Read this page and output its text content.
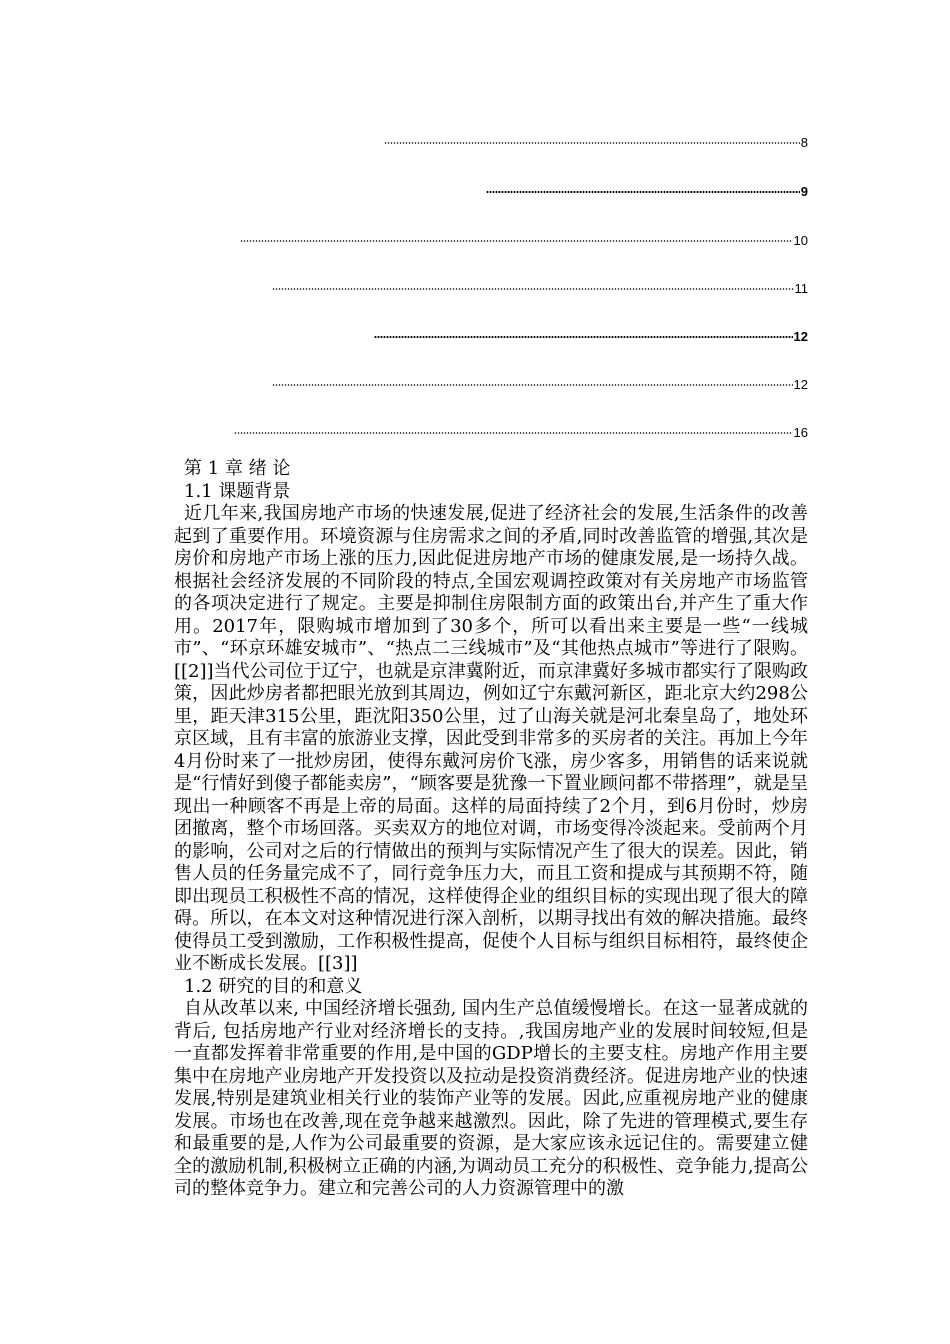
8
9
10
11
12
12
16

第 1 章 绪 论

1.1 课题背景

近几年来,我国房地产市场的快速发展,促进了经济社会的发展,生活条件的改善起到了重要作用。环境资源与住房需求之间的矛盾,同时改善监管的增强,其次是房价和房地产市场上涨的压力,因此促进房地产市场的健康发展,是一场持久战。根据社会经济发展的不同阶段的特点,全国宏观调控政策对有关房地产市场监管的各项决定进行了规定。主要是抑制住房限制方面的政策出台,并产生了重大作用。2017年，限购城市增加到了30多个，所可以看出来主要是一些“一线城市”、“环京环雄安城市”、“热点二三线城市”及“其他热点城市”等进行了限购。[[2]]当代公司位于辽宁，也就是京津冀附近，而京津冀好多城市都实行了限购政策，因此炒房者都把眼光放到其周边，例如辽宁东戴河新区，距北京大约298公里，距天津315公里，距沈阳350公里，过了山海关就是河北秦皇岛了，地处环京区域，且有丰富的旅游业支撑，因此受到非常多的买房者的关注。再加上今年4月份时来了一批炒房团，使得东戴河房价飞涨，房少客多，用销售的话来说就是“行情好到傻子都能卖房”，“顾客要是犹豫一下置业顾问都不带搭理”，就是呈现出一种顾客不再是上帝的局面。这样的局面持续了2个月，到6月份时，炒房团撤离，整个市场回落。买卖双方的地位对调，市场变得冷淡起来。受前两个月的影响，公司对之后的行情做出的预判与实际情况产生了很大的误差。因此，销售人员的任务量完成不了，同行竞争压力大，而且工资和提成与其预期不符，随即出现员工积极性不高的情况，这样使得企业的组织目标的实现出现了很大的障碍。所以，在本文对这种情况进行深入剖析，以期寻找出有效的解决措施。最终使得员工受到激励，工作积极性提高，促使个人目标与组织目标相符，最终使企业不断成长发展。[[3]]

1.2 研究的目的和意义

自从改革以来, 中国经济增长强劲, 国内生产总值缓慢增长。在这一显著成就的背后, 包括房地产行业对经济增长的支持。,我国房地产业的发展时间较短,但是一直都发挥着非常重要的作用,是中国的GDP增长的主要支柱。房地产作用主要集中在房地产业房地产开发投资以及拉动是投资消费经济。促进房地产业的快速发展,特别是建筑业相关行业的装饰产业等的发展。因此,应重视房地产业的健康发展。市场也在改善,现在竞争越来越激烈。因此，除了先进的管理模式,要生存和最重要的是,人作为公司最重要的资源，是大家应该永远记住的。需要建立健全的激励机制,积极树立正确的内涵,为调动员工充分的积极性、竞争能力,提高公司的整体竞争力。建立和完善公司的人力资源管理中的激
